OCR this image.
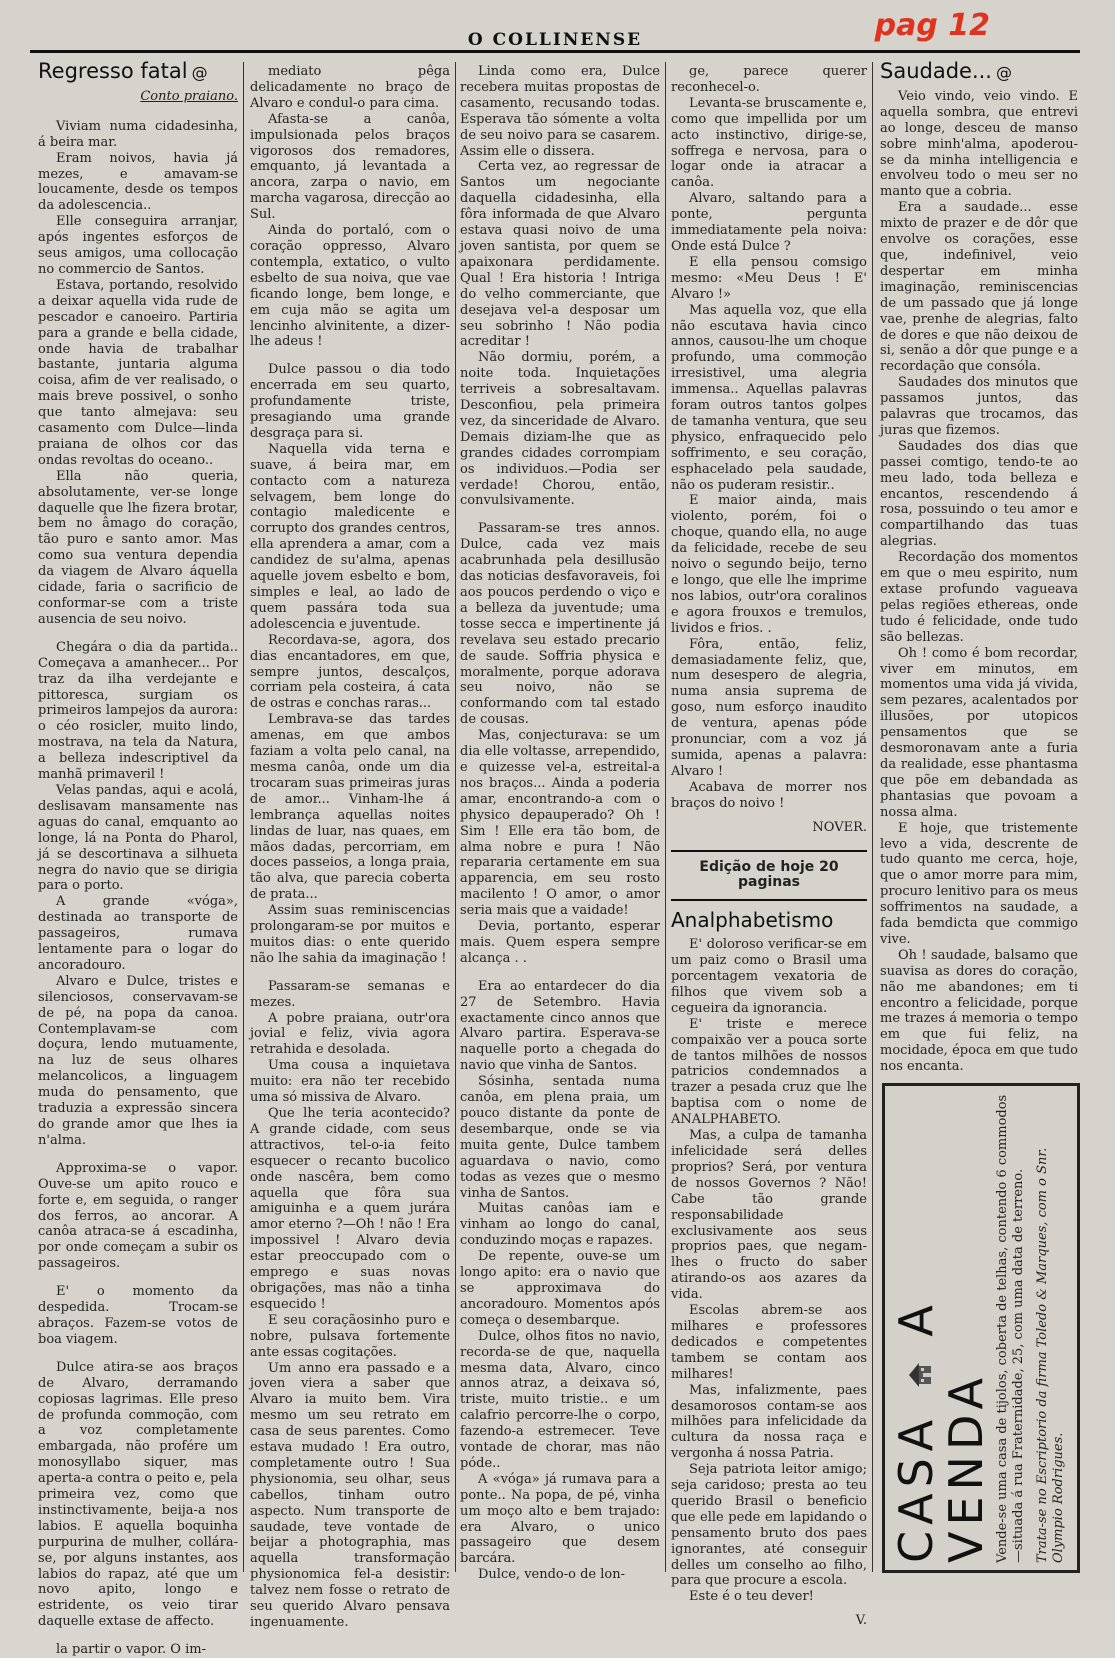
O COLLINENSE	pag 12

Regresso fatal @

Conto praiano.

Viviam numa cidadesinha, á beira mar.

Eram noivos, havia já mezes, e amavam-se loucamente, desde os tempos da adolescencia..

Elle conseguira arranjar, após ingentes esforços de seus amigos, uma collocação no commercio de Santos.

Estava, portando, resolvido a deixar aquella vida rude de pescador e canoeiro. Partiria para a grande e bella cidade, onde havia de trabalhar bastante, juntaria alguma coisa, afim de ver realisado, o mais breve possivel, o sonho que tanto almejava: seu casamento com Dulce—linda praiana de olhos cor das ondas revoltas do oceano..

Ella não queria, absolutamente, ver-se longe daquelle que lhe fizera brotar, bem no âmago do coração, tão puro e santo amor. Mas como sua ventura dependia da viagem de Alvaro áquella cidade, faria o sacrificio de conformar-se com a triste ausencia de seu noivo.

Chegára o dia da partida.. Começava a amanhecer... Por traz da ilha verdejante e pittoresca, surgiam os primeiros lampejos da aurora: o céo rosicler, muito lindo, mostrava, na tela da Natura, a belleza indescriptivel da manhã primaveril !

Velas pandas, aqui e acolá, deslisavam mansamente nas aguas do canal, emquanto ao longe, lá na Ponta do Pharol, já se descortinava a silhueta negra do navio que se dirigia para o porto.

A grande «vóga», destinada ao transporte de passageiros, rumava lentamente para o logar do ancoradouro.

Alvaro e Dulce, tristes e silenciosos, conservavam-se de pé, na popa da canoa. Contemplavam-se com doçura, lendo mutuamente, na luz de seus olhares melancolicos, a linguagem muda do pensamento, que traduzia a expressão sincera do grande amor que lhes ia n'alma.

Approxima-se o vapor. Ouve-se um apito rouco e forte e, em seguida, o ranger dos ferros, ao ancorar. A canôa atraca-se á escadinha, por onde começam a subir os passageiros.

E' o momento da despedida. Trocam-se abraços. Fazem-se votos de boa viagem.

Dulce atira-se aos braços de Alvaro, derramando copiosas lagrimas. Elle preso de profunda commoção, com a voz completamente embargada, não profére um monosyllabo siquer, mas aperta-a contra o peito e, pela primeira vez, como que instinctivamente, beija-a nos labios. E aquella boquinha purpurina de mulher, collára-se, por alguns instantes, aos labios do rapaz, até que um novo apito, longo e estridente, os veio tirar daquelle extase de affecto.

la partir o vapor. O im-

mediato pêga delicadamente no braço de Alvaro e condul-o para cima.

Afasta-se a canôa, impulsionada pelos braços vigorosos dos remadores, emquanto, já levantada a ancora, zarpa o navio, em marcha vagarosa, direcção ao Sul.

Ainda do portaló, com o coração oppresso, Alvaro contempla, extatico, o vulto esbelto de sua noiva, que vae ficando longe, bem longe, e em cuja mão se agita um lencinho alvinitente, a dizer-lhe adeus !

Dulce passou o dia todo encerrada em seu quarto, profundamente triste, presagiando uma grande desgraça para si.

Naquella vida terna e suave, á beira mar, em contacto com a natureza selvagem, bem longe do contagio maledicente e corrupto dos grandes centros, ella aprendera a amar, com a candidez de su'alma, apenas aquelle jovem esbelto e bom, simples e leal, ao lado de quem passára toda sua adolescencia e juventude.

Recordava-se, agora, dos dias encantadores, em que, sempre juntos, descalços, corriam pela costeira, á cata de ostras e conchas raras...

Lembrava-se das tardes amenas, em que ambos faziam a volta pelo canal, na mesma canôa, onde um dia trocaram suas primeiras juras de amor... Vinham-lhe á lembrança aquellas noites lindas de luar, nas quaes, em mãos dadas, percorriam, em doces passeios, a longa praia, tão alva, que parecia coberta de prata...

Assim suas reminiscencias prolongaram-se por muitos e muitos dias: o ente querido não lhe sahia da imaginação !

Passaram-se semanas e mezes.

A pobre praiana, outr'ora jovial e feliz, vivia agora retrahida e desolada.

Uma cousa a inquietava muito: era não ter recebido uma só missiva de Alvaro.

Que lhe teria acontecido? A grande cidade, com seus attractivos, tel-o-ia feito esquecer o recanto bucolico onde nascêra, bem como aquella que fôra sua amiguinha e a quem jurára amor eterno ?—Oh ! não ! Era impossivel ! Alvaro devia estar preoccupado com o emprego e suas novas obrigações, mas não a tinha esquecido !

E seu coraçãosinho puro e nobre, pulsava fortemente ante essas cogitações.

Um anno era passado e a joven viera a saber que Alvaro ia muito bem. Vira mesmo um seu retrato em casa de seus parentes. Como estava mudado ! Era outro, completamente outro ! Sua physionomia, seu olhar, seus cabellos, tinham outro aspecto. Num transporte de saudade, teve vontade de beijar a photographia, mas aquella transformação physionomica fel-a desistir: talvez nem fosse o retrato de seu querido Alvaro pensava ingenuamente.

Linda como era, Dulce recebera muitas propostas de casamento, recusando todas. Esperava tão sómente a volta de seu noivo para se casarem. Assim elle o dissera.

Certa vez, ao regressar de Santos um negociante daquella cidadesinha, ella fôra informada de que Alvaro estava quasi noivo de uma joven santista, por quem se apaixonara perdidamente. Qual ! Era historia ! Intriga do velho commerciante, que desejava vel-a desposar um seu sobrinho ! Não podia acreditar !

Não dormiu, porém, a noite toda. Inquietações terriveis a sobresaltavam. Desconfiou, pela primeira vez, da sinceridade de Alvaro. Demais diziam-lhe que as grandes cidades corrompiam os individuos.—Podia ser verdade! Chorou, então, convulsivamente.

Passaram-se tres annos. Dulce, cada vez mais acabrunhada pela desillusão das noticias desfavoraveis, foi aos poucos perdendo o viço e a belleza da juventude; uma tosse secca e impertinente já revelava seu estado precario de saude. Soffria physica e moralmente, porque adorava seu noivo, não se conformando com tal estado de cousas.

Mas, conjecturava: se um dia elle voltasse, arrependido, e quizesse vel-a, estreital-a nos braços... Ainda a poderia amar, encontrando-a com o physico depauperado? Oh ! Sim ! Elle era tão bom, de alma nobre e pura ! Não repararia certamente em sua apparencia, em seu rosto macilento ! O amor, o amor seria mais que a vaidade!

Devia, portanto, esperar mais. Quem espera sempre alcança . .

Era ao entardecer do dia 27 de Setembro. Havia exactamente cinco annos que Alvaro partira. Esperava-se naquelle porto a chegada do navio que vinha de Santos.

Sósinha, sentada numa canôa, em plena praia, um pouco distante da ponte de desembarque, onde se via muita gente, Dulce tambem aguardava o navio, como todas as vezes que o mesmo vinha de Santos.

Muitas canôas iam e vinham ao longo do canal, conduzindo moças e rapazes.

De repente, ouve-se um longo apito: era o navio que se approximava do ancoradouro. Momentos após começa o desembarque.

Dulce, olhos fitos no navio, recorda-se de que, naquella mesma data, Alvaro, cinco annos atraz, a deixava só, triste, muito tristie.. e um calafrio percorre-lhe o corpo, fazendo-a estremecer. Teve vontade de chorar, mas não póde..

A «vóga» já rumava para a ponte.. Na popa, de pé, vinha um moço alto e bem trajado: era Alvaro, o unico passageiro que desem barcára.

Dulce, vendo-o de lon-

ge, parece querer reconhecel-o.

Levanta-se bruscamente e, como que impellida por um acto instinctivo, dirige-se, soffrega e nervosa, para o logar onde ia atracar a canôa.

Alvaro, saltando para a ponte, pergunta immediatamente pela noiva: Onde está Dulce ?

E ella pensou comsigo mesmo: «Meu Deus ! E' Alvaro !»

Mas aquella voz, que ella não escutava havia cinco annos, causou-lhe um choque profundo, uma commoção irresistivel, uma alegria immensa.. Aquellas palavras foram outros tantos golpes de tamanha ventura, que seu physico, enfraquecido pelo soffrimento, e seu coração, esphacelado pela saudade, não os puderam resistir..

E maior ainda, mais violento, porém, foi o choque, quando ella, no auge da felicidade, recebe de seu noivo o segundo beijo, terno e longo, que elle lhe imprime nos labios, outr'ora coralinos e agora frouxos e tremulos, lividos e frios. .

Fôra, então, feliz, demasiadamente feliz, que, num desespero de alegria, numa ansia suprema de goso, num esforço inaudito de ventura, apenas póde pronunciar, com a voz já sumida, apenas a palavra: Alvaro !

Acabava de morrer nos braços do noivo !

NOVER.

Edição de hoje 20 paginas

Analphabetismo

E' doloroso verificar-se em um paiz como o Brasil uma porcentagem vexatoria de filhos que vivem sob a cegueira da ignorancia.

E' triste e merece compaixão ver a pouca sorte de tantos milhões de nossos patricios condemnados a trazer a pesada cruz que lhe baptisa com o nome de ANALPHABETO.

Mas, a culpa de tamanha infelicidade será delles proprios? Será, por ventura de nossos Governos ? Não! Cabe tão grande responsabilidade exclusivamente aos seus proprios paes, que negam-lhes o fructo do saber atirando-os aos azares da vida.

Escolas abrem-se aos milhares e professores dedicados e competentes tambem se contam aos milhares!

Mas, infalizmente, paes desamorosos contam-se aos milhões para infelicidade da cultura da nossa raça e vergonha á nossa Patria.

Seja patriota leitor amigo; seja caridoso; presta ao teu querido Brasil o beneficio que elle pede em lapidando o pensamento bruto dos paes ignorantes, até conseguir delles um conselho ao filho, para que procure a escola.

Este é o teu dever!

V.

Saudade... @

Veio vindo, veio vindo. E aquella sombra, que entrevi ao longe, desceu de manso sobre minh'alma, apoderou-se da minha intelligencia e envolveu todo o meu ser no manto que a cobria.

Era a saudade... esse mixto de prazer e de dôr que envolve os corações, esse que, indefinivel, veio despertar em minha imaginação, reminiscencias de um passado que já longe vae, prenhe de alegrias, falto de dores e que não deixou de si, senão a dôr que punge e a recordação que consóla.

Saudades dos minutos que passamos juntos, das palavras que trocamos, das juras que fizemos.

Saudades dos dias que passei comtigo, tendo-te ao meu lado, toda belleza e encantos, rescendendo á rosa, possuindo o teu amor e compartilhando das tuas alegrias.

Recordação dos momentos em que o meu espirito, num extase profundo vagueava pelas regiões ethereas, onde tudo é felicidade, onde tudo são bellezas.

Oh ! como é bom recordar, viver em minutos, em momentos uma vida já vivida, sem pezares, acalentados por illusões, por utopicos pensamentos que se desmoronavam ante a furia da realidade, esse phantasma que põe em debandada as phantasias que povoam a nossa alma.

E hoje, que tristemente levo a vida, descrente de tudo quanto me cerca, hoje, que o amor morre para mim, procuro lenitivo para os meus soffrimentos na saudade, a fada bemdicta que commigo vive.

Oh ! saudade, balsamo que suavisa as dores do coração, não me abandones; em ti encontro a felicidade, porque me trazes á memoria o tempo em que fui feliz, na mocidade, época em que tudo nos encanta.

CASA  A VENDA Vende-se uma casa de tijolos, coberta de telhas, contendo 6 commodos—situada á rua Fraternidade, 25, com uma data de terreno. Trata-se no Escriptorio da firma Toledo & Marques, com o Snr. Olympio Rodrigues.
